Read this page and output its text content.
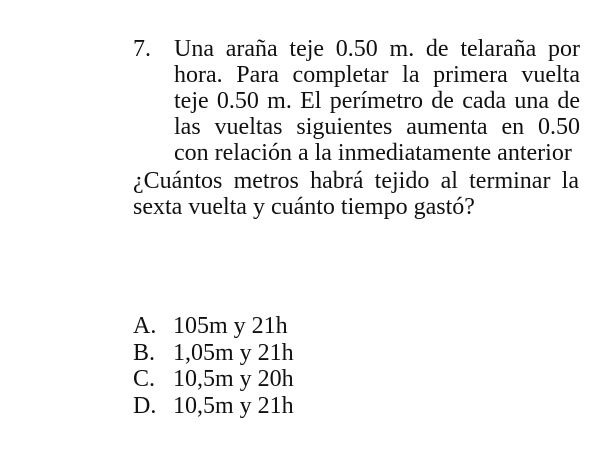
7. Una araña teje 0.50 m. de telaraña por hora. Para completar la primera vuelta teje 0.50 m. El perímetro de cada una de las vueltas siguientes aumenta en 0.50 con relación a la inmediatamente anterior
¿Cuántos metros habrá tejido al terminar la sexta vuelta y cuánto tiempo gastó?
A. 105m y 21h
B. 1,05m y 21h
C. 10,5m y 20h
D. 10,5m y 21h
